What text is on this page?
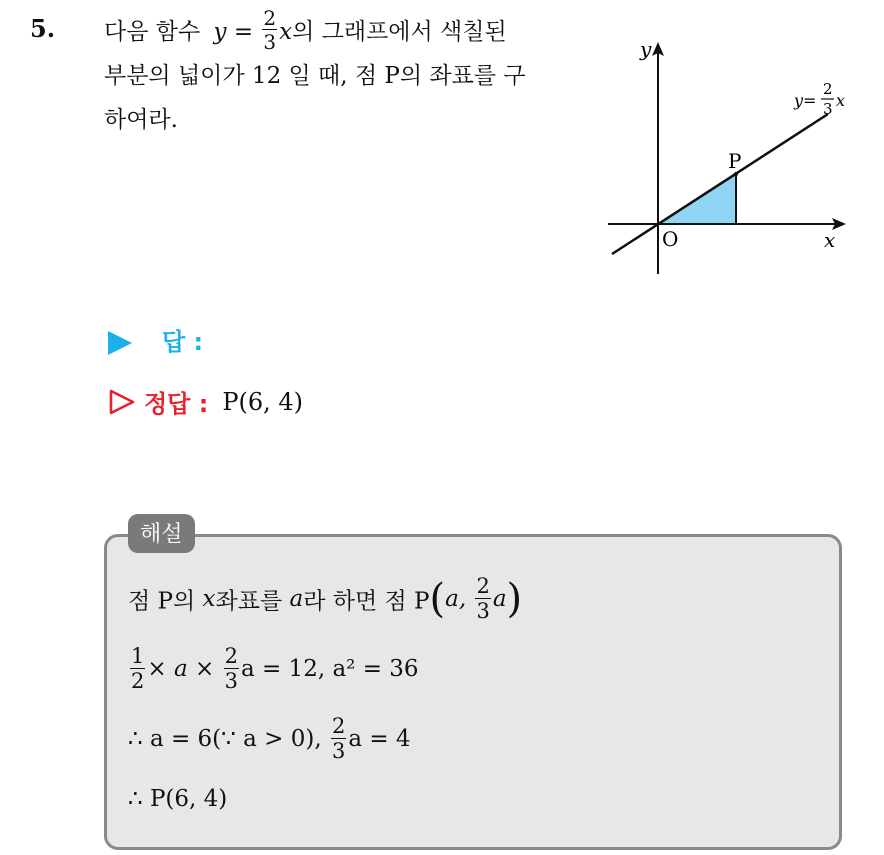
5. 다음 함수 $y = \frac{2}{3}$ x의 그래프에서 색칠된
부분의 넓이가 12 일 때, 점 P의 좌표를 구
하여라.
y
x
O
P
y=
2
3 x
답 :
정답 : P(6, 4)
해설
점 P의 x좌표를 a라 하면 점 P(a, $\frac{2}{3} a$)
$\frac{1}{2} \times a \times \frac{2}{3}$ a = 12, a² = 36
∴ a = 6(∵ a > 0), $\frac{2}{3}$ a = 4
∴ P(6, 4)
